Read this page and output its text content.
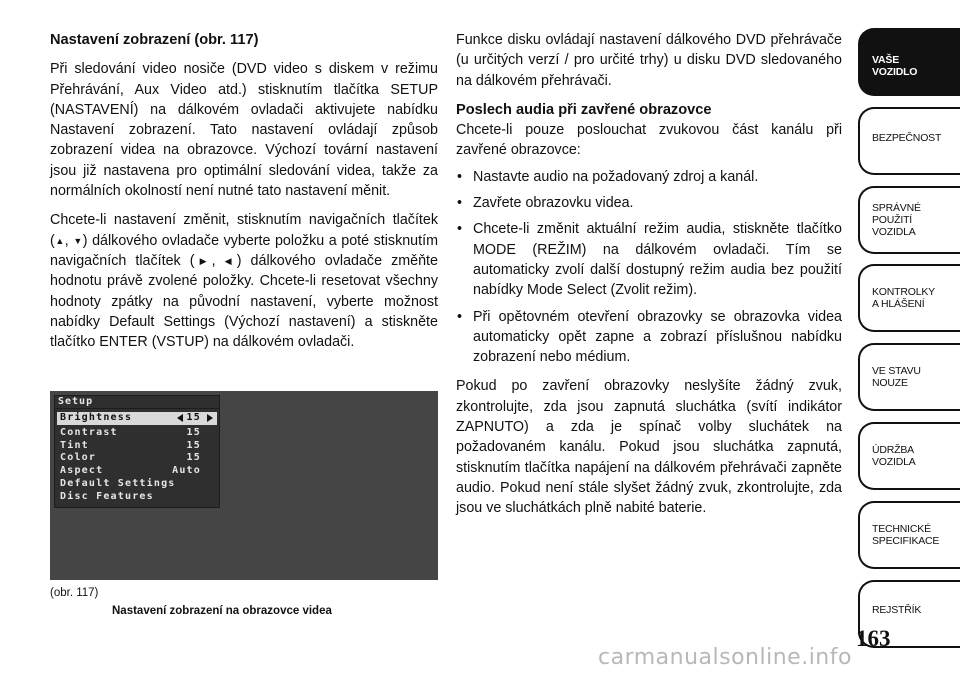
Nastavení zobrazení (obr. 117)
Při sledování video nosiče (DVD video s diskem v režimu Přehrávání, Aux Video atd.) stisknutím tlačítka SETUP (NASTAVENÍ) na dálkovém ovladači aktivujete nabídku Nastavení zobrazení. Tato nastavení ovládají způsob zobrazení videa na obrazovce. Výchozí tovární nastavení jsou již nastavena pro optimální sledování videa, takže za normálních okolností není nutné tato nastavení měnit.
Chcete-li nastavení změnit, stisknutím navigačních tlačítek (▲, ▼) dálkového ovladače vyberte položku a poté stisknutím navigačních tlačítek (▶, ◀) dálkového ovladače změňte hodnotu právě zvolené položky. Chcete-li resetovat všechny hodnoty zpátky na původní nastavení, vyberte možnost nabídky Default Settings (Výchozí nastavení) a stiskněte tlačítko ENTER (VSTUP) na dálkovém ovladači.
Setup
Brightness	15
Contrast	15
Tint	15
Color	15
Aspect	Auto
Default Settings
Disc Features
(obr. 117)
Nastavení zobrazení na obrazovce videa
Funkce disku ovládají nastavení dálkového DVD přehrávače (u určitých verzí / pro určité trhy) u disku DVD sledovaného na dálkovém přehrávači.
Poslech audia při zavřené obrazovce
Chcete-li pouze poslouchat zvukovou část kanálu při zavřené obrazovce:
• Nastavte audio na požadovaný zdroj a kanál.
• Zavřete obrazovku videa.
• Chcete-li změnit aktuální režim audia, stiskněte tlačítko MODE (REŽIM) na dálkovém ovladači. Tím se automaticky zvolí další dostupný režim audia bez použití nabídky Mode Select (Zvolit režim).
• Při opětovném otevření obrazovky se obrazovka videa automaticky opět zapne a zobrazí příslušnou nabídku zobrazení nebo médium.
Pokud po zavření obrazovky neslyšíte žádný zvuk, zkontrolujte, zda jsou zapnutá sluchátka (svítí indikátor ZAPNUTO) a zda je spínač volby sluchátek na požadovaném kanálu. Pokud jsou sluchátka zapnutá, stisknutím tlačítka napájení na dálkovém přehrávači zapněte audio. Pokud není stále slyšet žádný zvuk, zkontrolujte, zda jsou ve sluchátkách plně nabité baterie.
VAŠE
VOZIDLO
BEZPEČNOST
SPRÁVNÉ
POUŽITÍ
VOZIDLA
KONTROLKY
A HLÁŠENÍ
VE STAVU
NOUZE
ÚDRŽBA
VOZIDLA
TECHNICKÉ
SPECIFIKACE
REJSTŘÍK
163
carmanualsonline.info
